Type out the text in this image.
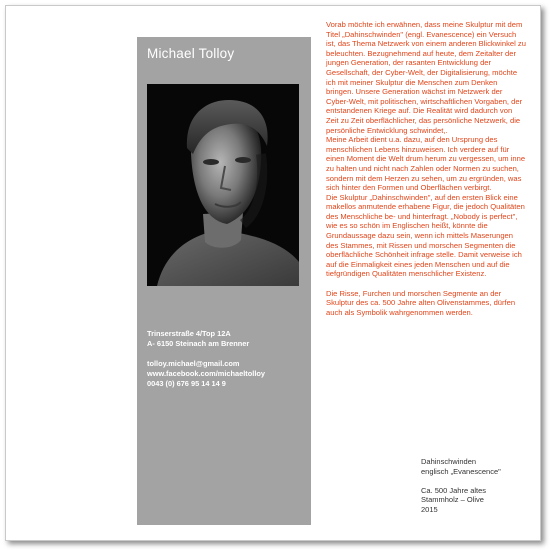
Michael Tolloy
Trinserstraße 4/Top 12A
A- 6150 Steinach am Brenner
tolloy.michael@gmail.com
www.facebook.com/michaeltolloy
0043 (0) 676 95 14 14 9

Vorab möchte ich erwähnen, dass meine Skulptur mit dem Titel „Dahinschwinden" (engl. Evanescence) ein Versuch ist, das Thema Netzwerk von einem anderen Blickwinkel zu beleuchten. Bezugnehmend auf heute, dem Zeitalter der jungen Generation, der rasanten Entwicklung der Gesellschaft, der Cyber-Welt, der Digitalisierung, möchte ich mit meiner Skulptur die Menschen zum Denken bringen. Unsere Generation wächst im Netzwerk der Cyber-Welt, mit politischen, wirtschaftlichen Vorgaben, der entstandenen Kriege auf. Die Realität wird dadurch von Zeit zu Zeit oberflächlicher, das persönliche Netzwerk, die persönliche Entwicklung schwindet,.

Meine Arbeit dient u.a. dazu, auf den Ursprung des menschlichen Lebens hinzuweisen. Ich verdere auf für einen Moment die Welt drum herum zu vergessen, um inne zu halten und nicht nach Zahlen oder Normen zu suchen, sondern mit dem Herzen zu sehen, um zu ergründen, was sich hinter den Formen und Oberflächen verbirgt.

Die Skulptur „Dahinschwinden", auf den ersten Blick eine makellos anmutende erhabene Figur, die jedoch Qualitäten des Menschliche be- und hinterfragt. „Nobody is perfect", wie es so schön im Englischen heißt, könnte die Grundaussage dazu sein, wenn ich mittels Maserungen des Stammes, mit Rissen und morschen Segmenten die oberflächliche Schönheit infrage stelle. Damit verweise ich auf die Einmaligkeit eines jeden Menschen und auf die tiefgründigen Qualitäten menschlicher Existenz.

Die Risse, Furchen und morschen Segmente an der Skulptur des ca. 500 Jahre alten Olivenstammes, dürfen auch als Symbolik wahrgenommen werden.

Dahinschwinden
englisch „Evanescence"
Ca. 500 Jahre altes
Stammholz – Olive
2015
